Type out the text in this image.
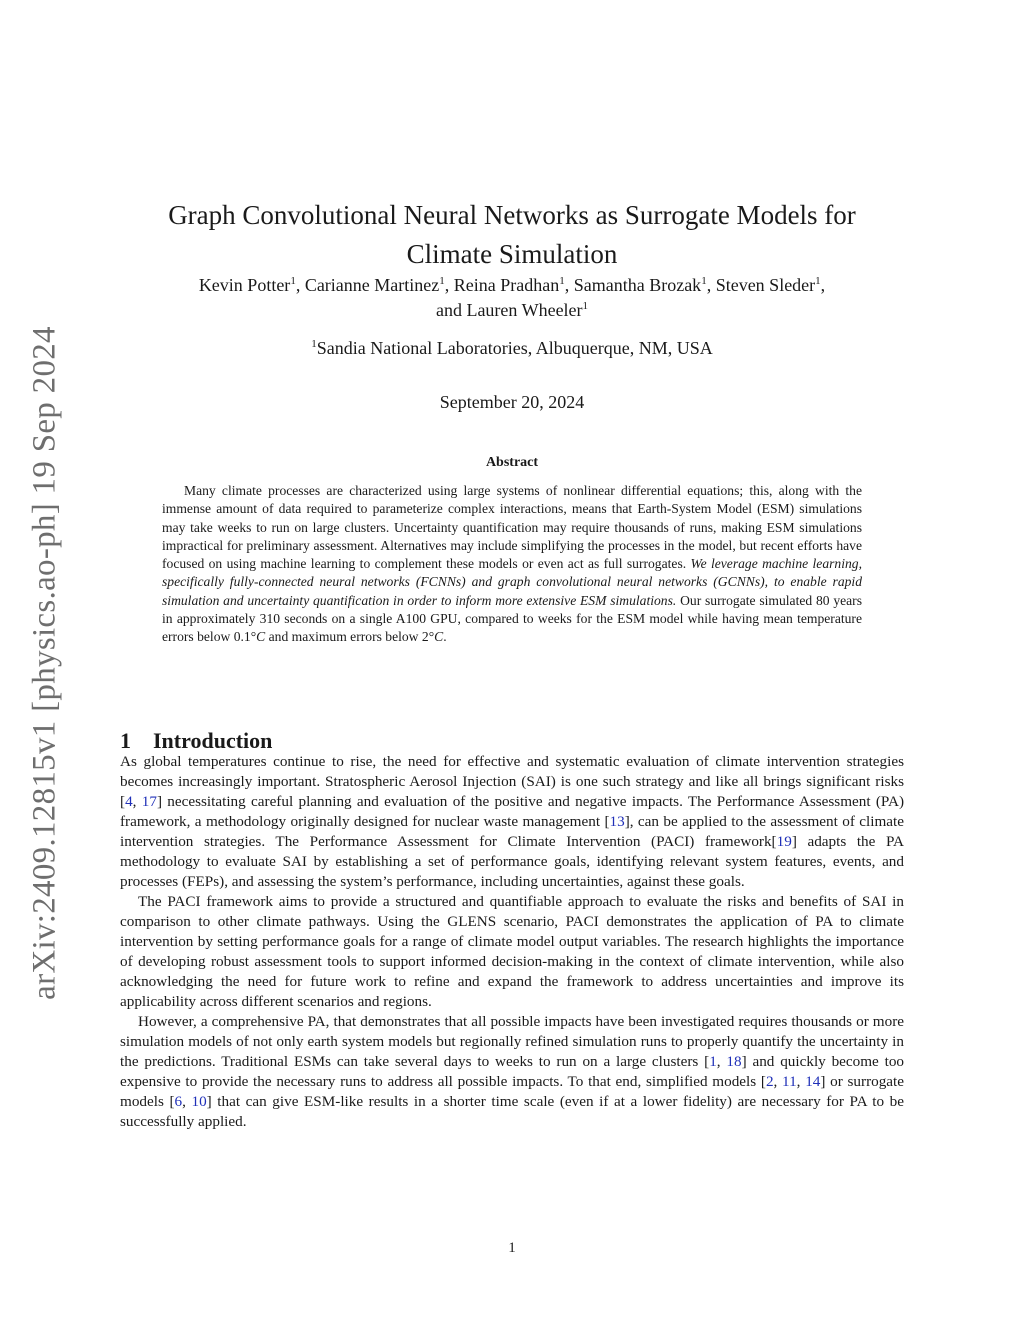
arXiv:2409.12815v1 [physics.ao-ph] 19 Sep 2024
Graph Convolutional Neural Networks as Surrogate Models for
Climate Simulation
Kevin Potter$^1$, Carianne Martinez$^1$, Reina Pradhan$^1$, Samantha Brozak$^1$, Steven Sleder$^1$,
and Lauren Wheeler$^1$
$^1$Sandia National Laboratories, Albuquerque, NM, USA
September 20, 2024
Abstract
Many climate processes are characterized using large systems of nonlinear differential equations; this, along with the immense amount of data required to parameterize complex interactions, means that Earth-System Model (ESM) simulations may take weeks to run on large clusters. Uncertainty quantification may require thousands of runs, making ESM simulations impractical for preliminary assessment. Alternatives may include simplifying the processes in the model, but recent efforts have focused on using machine learning to complement these models or even act as full surrogates. We leverage machine learning, specifically fully-connected neural networks (FCNNs) and graph convolutional neural networks (GCNNs), to enable rapid simulation and uncertainty quantification in order to inform more extensive ESM simulations. Our surrogate simulated 80 years in approximately 310 seconds on a single A100 GPU, compared to weeks for the ESM model while having mean temperature errors below 0.1°C and maximum errors below 2°C.
1 Introduction

As global temperatures continue to rise, the need for effective and systematic evaluation of climate intervention strategies becomes increasingly important. Stratospheric Aerosol Injection (SAI) is one such strategy and like all brings significant risks [4, 17] necessitating careful planning and evaluation of the positive and negative impacts. The Performance Assessment (PA) framework, a methodology originally designed for nuclear waste management [13], can be applied to the assessment of climate intervention strategies. The Performance Assessment for Climate Intervention (PACI) framework[19] adapts the PA methodology to evaluate SAI by establishing a set of performance goals, identifying relevant system features, events, and processes (FEPs), and assessing the system’s performance, including uncertainties, against these goals.

The PACI framework aims to provide a structured and quantifiable approach to evaluate the risks and benefits of SAI in comparison to other climate pathways. Using the GLENS scenario, PACI demonstrates the application of PA to climate intervention by setting performance goals for a range of climate model output variables. The research highlights the importance of developing robust assessment tools to support informed decision-making in the context of climate intervention, while also acknowledging the need for future work to refine and expand the framework to address uncertainties and improve its applicability across different scenarios and regions.

However, a comprehensive PA, that demonstrates that all possible impacts have been investigated requires thousands or more simulation models of not only earth system models but regionally refined simulation runs to properly quantify the uncertainty in the predictions. Traditional ESMs can take several days to weeks to run on a large clusters [1, 18] and quickly become too expensive to provide the necessary runs to address all possible impacts. To that end, simplified models [2, 11, 14] or surrogate models [6, 10] that can give ESM-like results in a shorter time scale (even if at a lower fidelity) are necessary for PA to be successfully applied.

1
